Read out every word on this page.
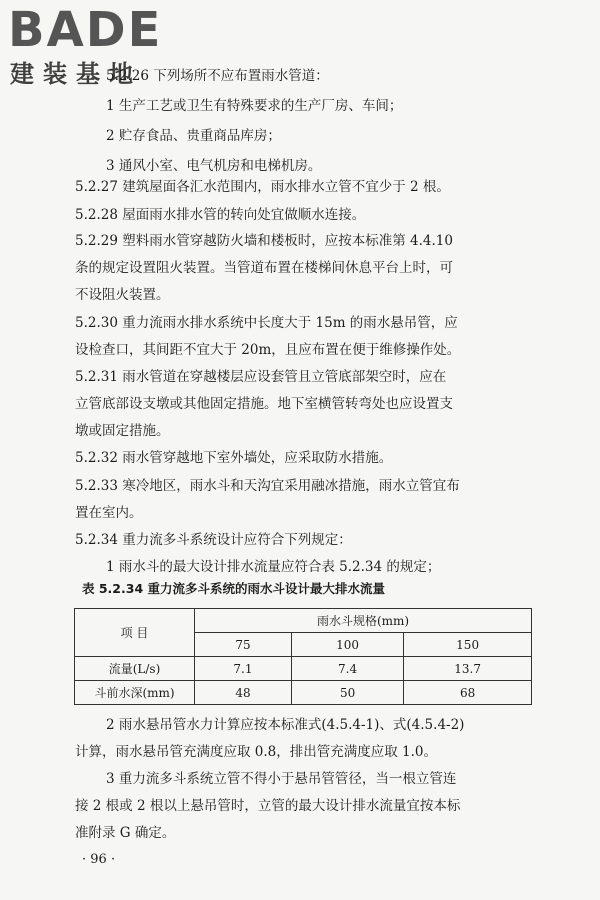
BADE
建装基地
5.2.26 下列场所不应布置雨水管道：
1 生产工艺或卫生有特殊要求的生产厂房、车间；
2 贮存食品、贵重商品库房；
3 通风小室、电气机房和电梯机房。
5.2.27 建筑屋面各汇水范围内，雨水排水立管不宜少于 2 根。
5.2.28 屋面雨水排水管的转向处宜做顺水连接。
5.2.29 塑料雨水管穿越防火墙和楼板时，应按本标准第 4.4.10
条的规定设置阻火装置。当管道布置在楼梯间休息平台上时，可
不设阻火装置。
5.2.30 重力流雨水排水系统中长度大于 15m 的雨水悬吊管，应
设检查口，其间距不宜大于 20m，且应布置在便于维修操作处。
5.2.31 雨水管道在穿越楼层应设套管且立管底部架空时，应在
立管底部设支墩或其他固定措施。地下室横管转弯处也应设置支
墩或固定措施。
5.2.32 雨水管穿越地下室外墙处，应采取防水措施。
5.2.33 寒冷地区，雨水斗和天沟宜采用融冰措施，雨水立管宜布
置在室内。
5.2.34 重力流多斗系统设计应符合下列规定：
1 雨水斗的最大设计排水流量应符合表 5.2.34 的规定；
表 5.2.34 重力流多斗系统的雨水斗设计最大排水流量
项 目	雨水斗规格(mm)		
	75	100	150
流量(L/s)	7.1	7.4	13.7
斗前水深(mm)	48	50	68
2 雨水悬吊管水力计算应按本标准式(4.5.4-1)、式(4.5.4-2)
计算，雨水悬吊管充满度应取 0.8，排出管充满度应取 1.0。
3 重力流多斗系统立管不得小于悬吊管管径，当一根立管连
接 2 根或 2 根以上悬吊管时，立管的最大设计排水流量宜按本标
准附录 G 确定。
· 96 ·
